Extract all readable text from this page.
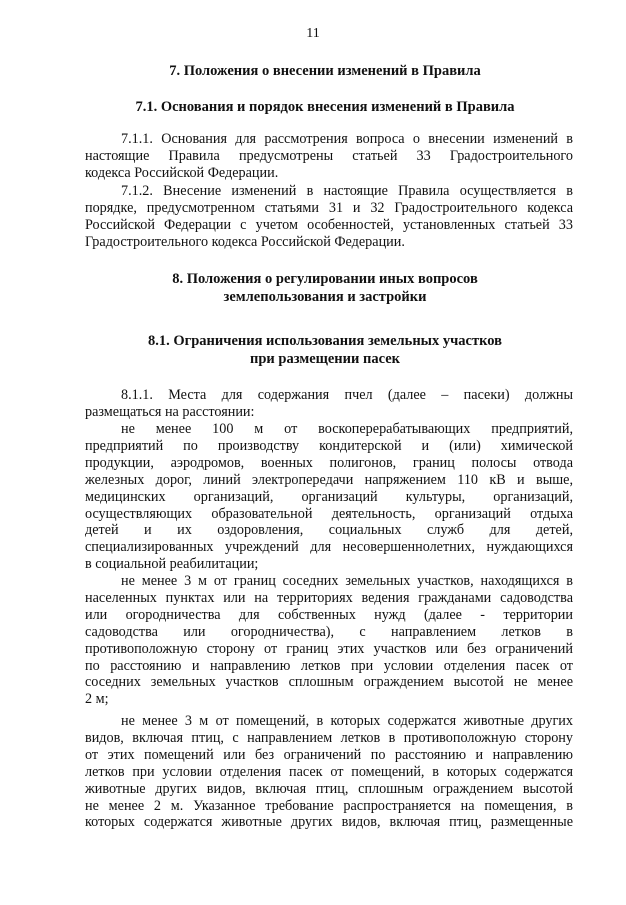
11
7. Положения о внесении изменений в Правила
7.1. Основания и порядок внесения изменений в Правила
7.1.1. Основания для рассмотрения вопроса о внесении изменений в
настоящие Правила предусмотрены статьей 33 Градостроительного
кодекса Российской Федерации.
7.1.2. Внесение изменений в настоящие Правила осуществляется в
порядке, предусмотренном статьями 31 и 32 Градостроительного кодекса
Российской Федерации с учетом особенностей, установленных статьей 33
Градостроительного кодекса Российской Федерации.
8. Положения о регулировании иных вопросов
землепользования и застройки
8.1. Ограничения использования земельных участков
при размещении пасек
8.1.1. Места для содержания пчел (далее – пасеки) должны
размещаться на расстоянии:
не менее 100 м от воскоперерабатывающих предприятий,
предприятий по производству кондитерской и (или) химической
продукции, аэродромов, военных полигонов, границ полосы отвода
железных дорог, линий электропередачи напряжением 110 кВ и выше,
медицинских организаций, организаций культуры, организаций,
осуществляющих образовательной деятельность, организаций отдыха
детей и их оздоровления, социальных служб для детей,
специализированных учреждений для несовершеннолетних, нуждающихся
в социальной реабилитации;
не менее 3 м от границ соседних земельных участков, находящихся в
населенных пунктах или на территориях ведения гражданами садоводства
или огородничества для собственных нужд (далее - территории
садоводства или огородничества), с направлением летков в
противоположную сторону от границ этих участков или без ограничений
по расстоянию и направлению летков при условии отделения пасек от
соседних земельных участков сплошным ограждением высотой не менее
2 м;
не менее 3 м от помещений, в которых содержатся животные других
видов, включая птиц, с направлением летков в противоположную сторону
от этих помещений или без ограничений по расстоянию и направлению
летков при условии отделения пасек от помещений, в которых содержатся
животные других видов, включая птиц, сплошным ограждением высотой
не менее 2 м. Указанное требование распространяется на помещения, в
которых содержатся животные других видов, включая птиц, размещенные
